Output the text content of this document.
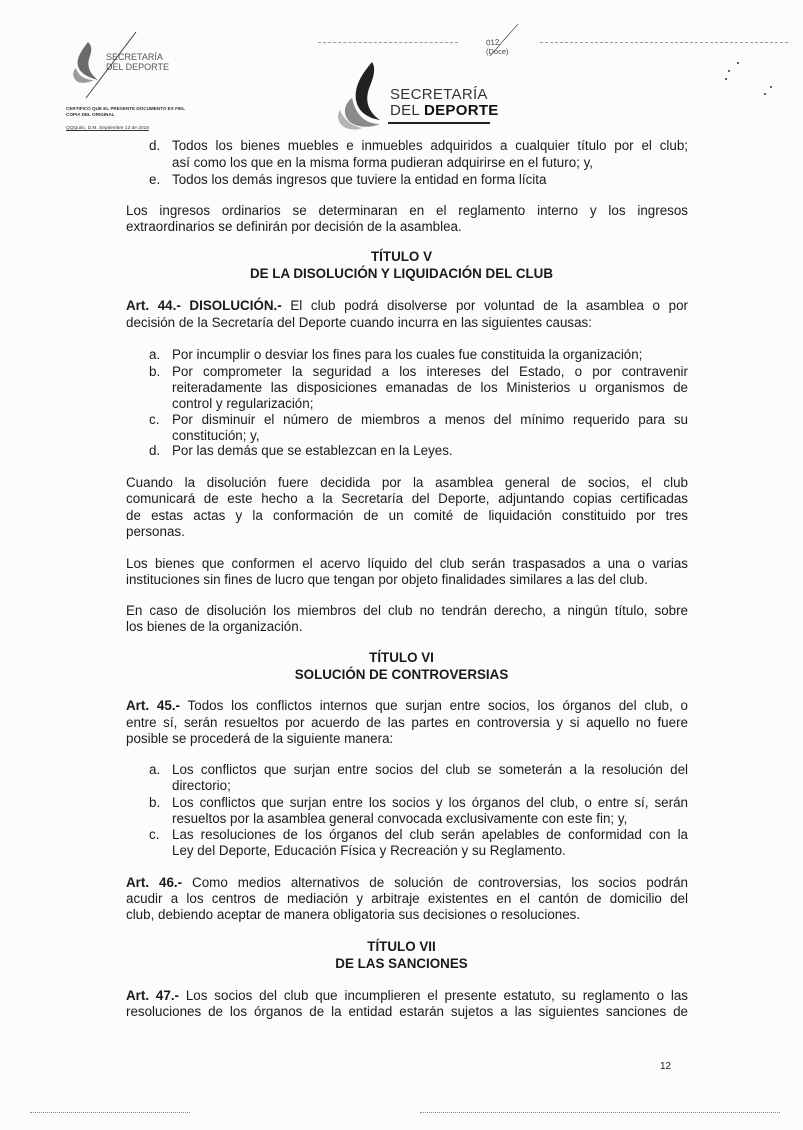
SECRETARÍA
DEL DEPORTE
CERTIFICO QUE EL PRESENTE DOCUMENTO ES FIEL COPIA DEL ORIGINAL
QQQuito, D.M. Septiembre 13 de 2018
012
(Doce)
SECRETARÍA
DEL DEPORTE
d. Todos los bienes muebles e inmuebles adquiridos a cualquier título por el club;
así como los que en la misma forma pudieran adquirirse en el futuro; y,
e. Todos los demás ingresos que tuviere la entidad en forma lícita
Los ingresos ordinarios se determinaran en el reglamento interno y los ingresos
extraordinarios se definirán por decisión de la asamblea.
TÍTULO V
DE LA DISOLUCIÓN Y LIQUIDACIÓN DEL CLUB
Art. 44.- DISOLUCIÓN.- El club podrá disolverse por voluntad de la asamblea o por
decisión de la Secretaría del Deporte cuando incurra en las siguientes causas:
a. Por incumplir o desviar los fines para los cuales fue constituida la organización;
b. Por comprometer la seguridad a los intereses del Estado, o por contravenir
reiteradamente las disposiciones emanadas de los Ministerios u organismos de
control y regularización;
c. Por disminuir el número de miembros a menos del mínimo requerido para su
constitución; y,
d. Por las demás que se establezcan en la Leyes.
Cuando la disolución fuere decidida por la asamblea general de socios, el club
comunicará de este hecho a la Secretaría del Deporte, adjuntando copias certificadas
de estas actas y la conformación de un comité de liquidación constituido por tres
personas.
Los bienes que conformen el acervo líquido del club serán traspasados a una o varias
instituciones sin fines de lucro que tengan por objeto finalidades similares a las del club.
En caso de disolución los miembros del club no tendrán derecho, a ningún título, sobre
los bienes de la organización.
TÍTULO VI
SOLUCIÓN DE CONTROVERSIAS
Art. 45.- Todos los conflictos internos que surjan entre socios, los órganos del club, o
entre sí, serán resueltos por acuerdo de las partes en controversia y si aquello no fuere
posible se procederá de la siguiente manera:
a. Los conflictos que surjan entre socios del club se someterán a la resolución del
directorio;
b. Los conflictos que surjan entre los socios y los órganos del club, o entre sí, serán
resueltos por la asamblea general convocada exclusivamente con este fin; y,
c. Las resoluciones de los órganos del club serán apelables de conformidad con la
Ley del Deporte, Educación Física y Recreación y su Reglamento.
Art. 46.- Como medios alternativos de solución de controversias, los socios podrán
acudir a los centros de mediación y arbitraje existentes en el cantón de domicilio del
club, debiendo aceptar de manera obligatoria sus decisiones o resoluciones.
TÍTULO VII
DE LAS SANCIONES
Art. 47.- Los socios del club que incumplieren el presente estatuto, su reglamento o las
resoluciones de los órganos de la entidad estarán sujetos a las siguientes sanciones de
12
